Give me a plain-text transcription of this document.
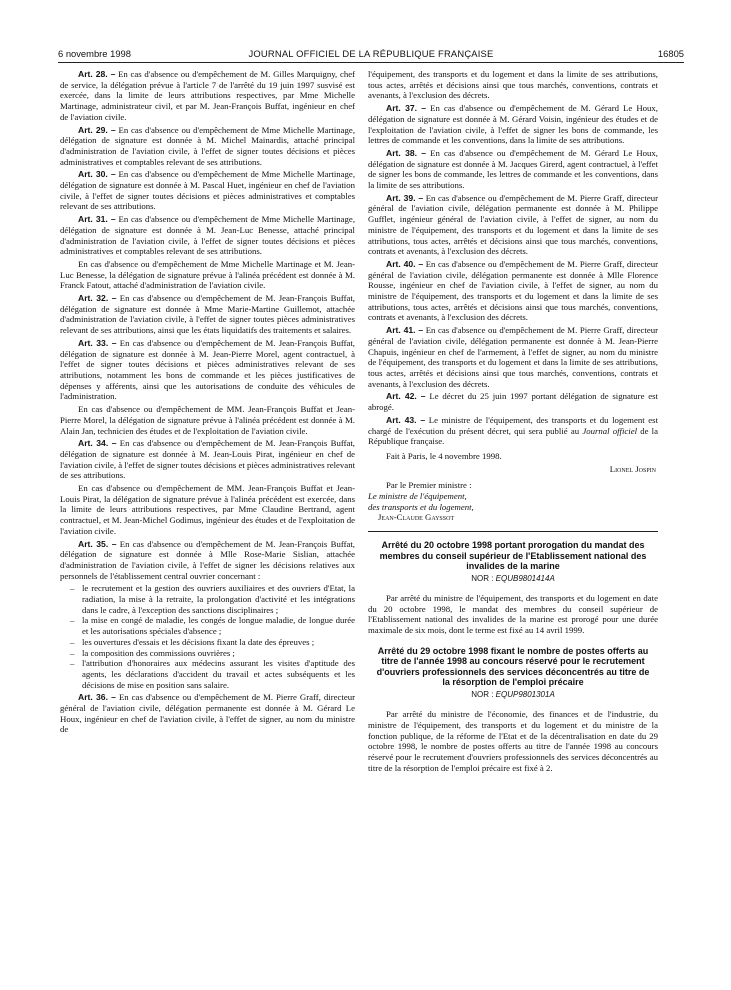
6 novembre 1998	JOURNAL OFFICIEL DE LA RÉPUBLIQUE FRANÇAISE	16805

Art. 28. – En cas d'absence ou d'empêchement de M. Gilles Marquigny, chef de service, la délégation prévue à l'article 7 de l'arrêté du 19 juin 1997 susvisé est exercée, dans la limite de leurs attributions respectives, par Mme Michelle Martinage, administrateur civil, et par M. Jean-François Buffat, ingénieur en chef de l'aviation civile.

Art. 29. – En cas d'absence ou d'empêchement de Mme Michelle Martinage, délégation de signature est donnée à M. Michel Mainardis, attaché principal d'administration de l'aviation civile, à l'effet de signer toutes décisions et pièces administratives et comptables relevant de ses attributions.

Art. 30. – En cas d'absence ou d'empêchement de Mme Michelle Martinage, délégation de signature est donnée à M. Pascal Huet, ingénieur en chef de l'aviation civile, à l'effet de signer toutes décisions et pièces administratives et comptables relevant de ses attributions.

Art. 31. – En cas d'absence ou d'empêchement de Mme Michelle Martinage, délégation de signature est donnée à M. Jean-Luc Benesse, attaché principal d'administration de l'aviation civile, à l'effet de signer toutes décisions et pièces administratives et comptables relevant de ses attributions.

En cas d'absence ou d'empêchement de Mme Michelle Martinage et M. Jean-Luc Benesse, la délégation de signature prévue à l'alinéa précédent est donnée à M. Franck Fatout, attaché d'administration de l'aviation civile.

Art. 32. – En cas d'absence ou d'empêchement de M. Jean-François Buffat, délégation de signature est donnée à Mme Marie-Martine Guillemot, attachée d'administration de l'aviation civile, à l'effet de signer toutes pièces administratives relevant de ses attributions, ainsi que les états liquidatifs des traitements et salaires.

Art. 33. – En cas d'absence ou d'empêchement de M. Jean-François Buffat, délégation de signature est donnée à M. Jean-Pierre Morel, agent contractuel, à l'effet de signer toutes décisions et pièces administratives relevant de ses attributions, notamment les bons de commande et les pièces justificatives de dépenses y afférents, ainsi que les autorisations de conduite des véhicules de l'administration.

En cas d'absence ou d'empêchement de MM. Jean-François Buffat et Jean-Pierre Morel, la délégation de signature prévue à l'alinéa précédent est donnée à M. Alain Jan, technicien des études et de l'exploitation de l'aviation civile.

Art. 34. – En cas d'absence ou d'empêchement de M. Jean-François Buffat, délégation de signature est donnée à M. Jean-Louis Pirat, ingénieur en chef de l'aviation civile, à l'effet de signer toutes décisions et pièces administratives relevant de ses attributions.

En cas d'absence ou d'empêchement de MM. Jean-François Buffat et Jean-Louis Pirat, la délégation de signature prévue à l'alinéa précédent est exercée, dans la limite de leurs attributions respectives, par Mme Claudine Bertrand, agent contractuel, et M. Jean-Michel Godimus, ingénieur des études et de l'exploitation de l'aviation civile.

Art. 35. – En cas d'absence ou d'empêchement de M. Jean-François Buffat, délégation de signature est donnée à Mlle Rose-Marie Sislian, attachée d'administration de l'aviation civile, à l'effet de signer les décisions relatives aux personnels de l'établissement central ouvrier concernant :

– le recrutement et la gestion des ouvriers auxiliaires et des ouvriers d'Etat, la radiation, la mise à la retraite, la prolongation d'activité et les intégrations dans le cadre, à l'exception des sanctions disciplinaires ;
– la mise en congé de maladie, les congés de longue maladie, de longue durée et les autorisations spéciales d'absence ;
– les ouvertures d'essais et les décisions fixant la date des épreuves ;
– la composition des commissions ouvrières ;
– l'attribution d'honoraires aux médecins assurant les visites d'aptitude des agents, les déclarations d'accident du travail et actes subséquents et les décisions de mise en position sans salaire.

Art. 36. – En cas d'absence ou d'empêchement de M. Pierre Graff, directeur général de l'aviation civile, délégation permanente est donnée à M. Gérard Le Houx, ingénieur en chef de l'aviation civile, à l'effet de signer, au nom du ministre de

l'équipement, des transports et du logement et dans la limite de ses attributions, tous actes, arrêtés et décisions ainsi que tous marchés, conventions, contrats et avenants, à l'exclusion des décrets.

Art. 37. – En cas d'absence ou d'empêchement de M. Gérard Le Houx, délégation de signature est donnée à M. Gérard Voisin, ingénieur des études et de l'exploitation de l'aviation civile, à l'effet de signer les bons de commande, les lettres de commande et les conventions, dans la limite de ses attributions.

Art. 38. – En cas d'absence ou d'empêchement de M. Gérard Le Houx, délégation de signature est donnée à M. Jacques Girerd, agent contractuel, à l'effet de signer les bons de commande, les lettres de commande et les conventions, dans la limite de ses attributions.

Art. 39. – En cas d'absence ou d'empêchement de M. Pierre Graff, directeur général de l'aviation civile, délégation permanente est donnée à M. Philippe Gufflet, ingénieur général de l'aviation civile, à l'effet de signer, au nom du ministre de l'équipement, des transports et du logement et dans la limite de ses attributions, tous actes, arrêtés et décisions ainsi que tous marchés, conventions, contrats et avenants, à l'exclusion des décrets.

Art. 40. – En cas d'absence ou d'empêchement de M. Pierre Graff, directeur général de l'aviation civile, délégation permanente est donnée à Mlle Florence Rousse, ingénieur en chef de l'aviation civile, à l'effet de signer, au nom du ministre de l'équipement, des transports et du logement et dans la limite de ses attributions, tous actes, arrêtés et décisions ainsi que tous marchés, conventions, contrats et avenants, à l'exclusion des décrets.

Art. 41. – En cas d'absence ou d'empêchement de M. Pierre Graff, directeur général de l'aviation civile, délégation permanente est donnée à M. Jean-Pierre Chapuis, ingénieur en chef de l'armement, à l'effet de signer, au nom du ministre de l'équipement, des transports et du logement et dans la limite de ses attributions, tous actes, arrêtés et décisions ainsi que tous marchés, conventions, contrats et avenants, à l'exclusion des décrets.

Art. 42. – Le décret du 25 juin 1997 portant délégation de signature est abrogé.

Art. 43. – Le ministre de l'équipement, des transports et du logement est chargé de l'exécution du présent décret, qui sera publié au Journal officiel de la République française.

Fait à Paris, le 4 novembre 1998.

Lionel Jospin

Par le Premier ministre :

Le ministre de l'équipement,

des transports et du logement,

Jean-Claude Gayssot

Arrêté du 20 octobre 1998 portant prorogation du mandat des membres du conseil supérieur de l'Etablissement national des invalides de la marine
NOR : EQUB9801414A

Par arrêté du ministre de l'équipement, des transports et du logement en date du 20 octobre 1998, le mandat des membres du conseil supérieur de l'Etablissement national des invalides de la marine est prorogé pour une durée maximale de six mois, dont le terme est fixé au 14 avril 1999.

Arrêté du 29 octobre 1998 fixant le nombre de postes offerts au titre de l'année 1998 au concours réservé pour le recrutement d'ouvriers professionnels des services déconcentrés au titre de la résorption de l'emploi précaire
NOR : EQUP9801301A

Par arrêté du ministre de l'économie, des finances et de l'industrie, du ministre de l'équipement, des transports et du logement et du ministre de la fonction publique, de la réforme de l'Etat et de la décentralisation en date du 29 octobre 1998, le nombre de postes offerts au titre de l'année 1998 au concours réservé pour le recrutement d'ouvriers professionnels des services déconcentrés au titre de la résorption de l'emploi précaire est fixé à 2.
